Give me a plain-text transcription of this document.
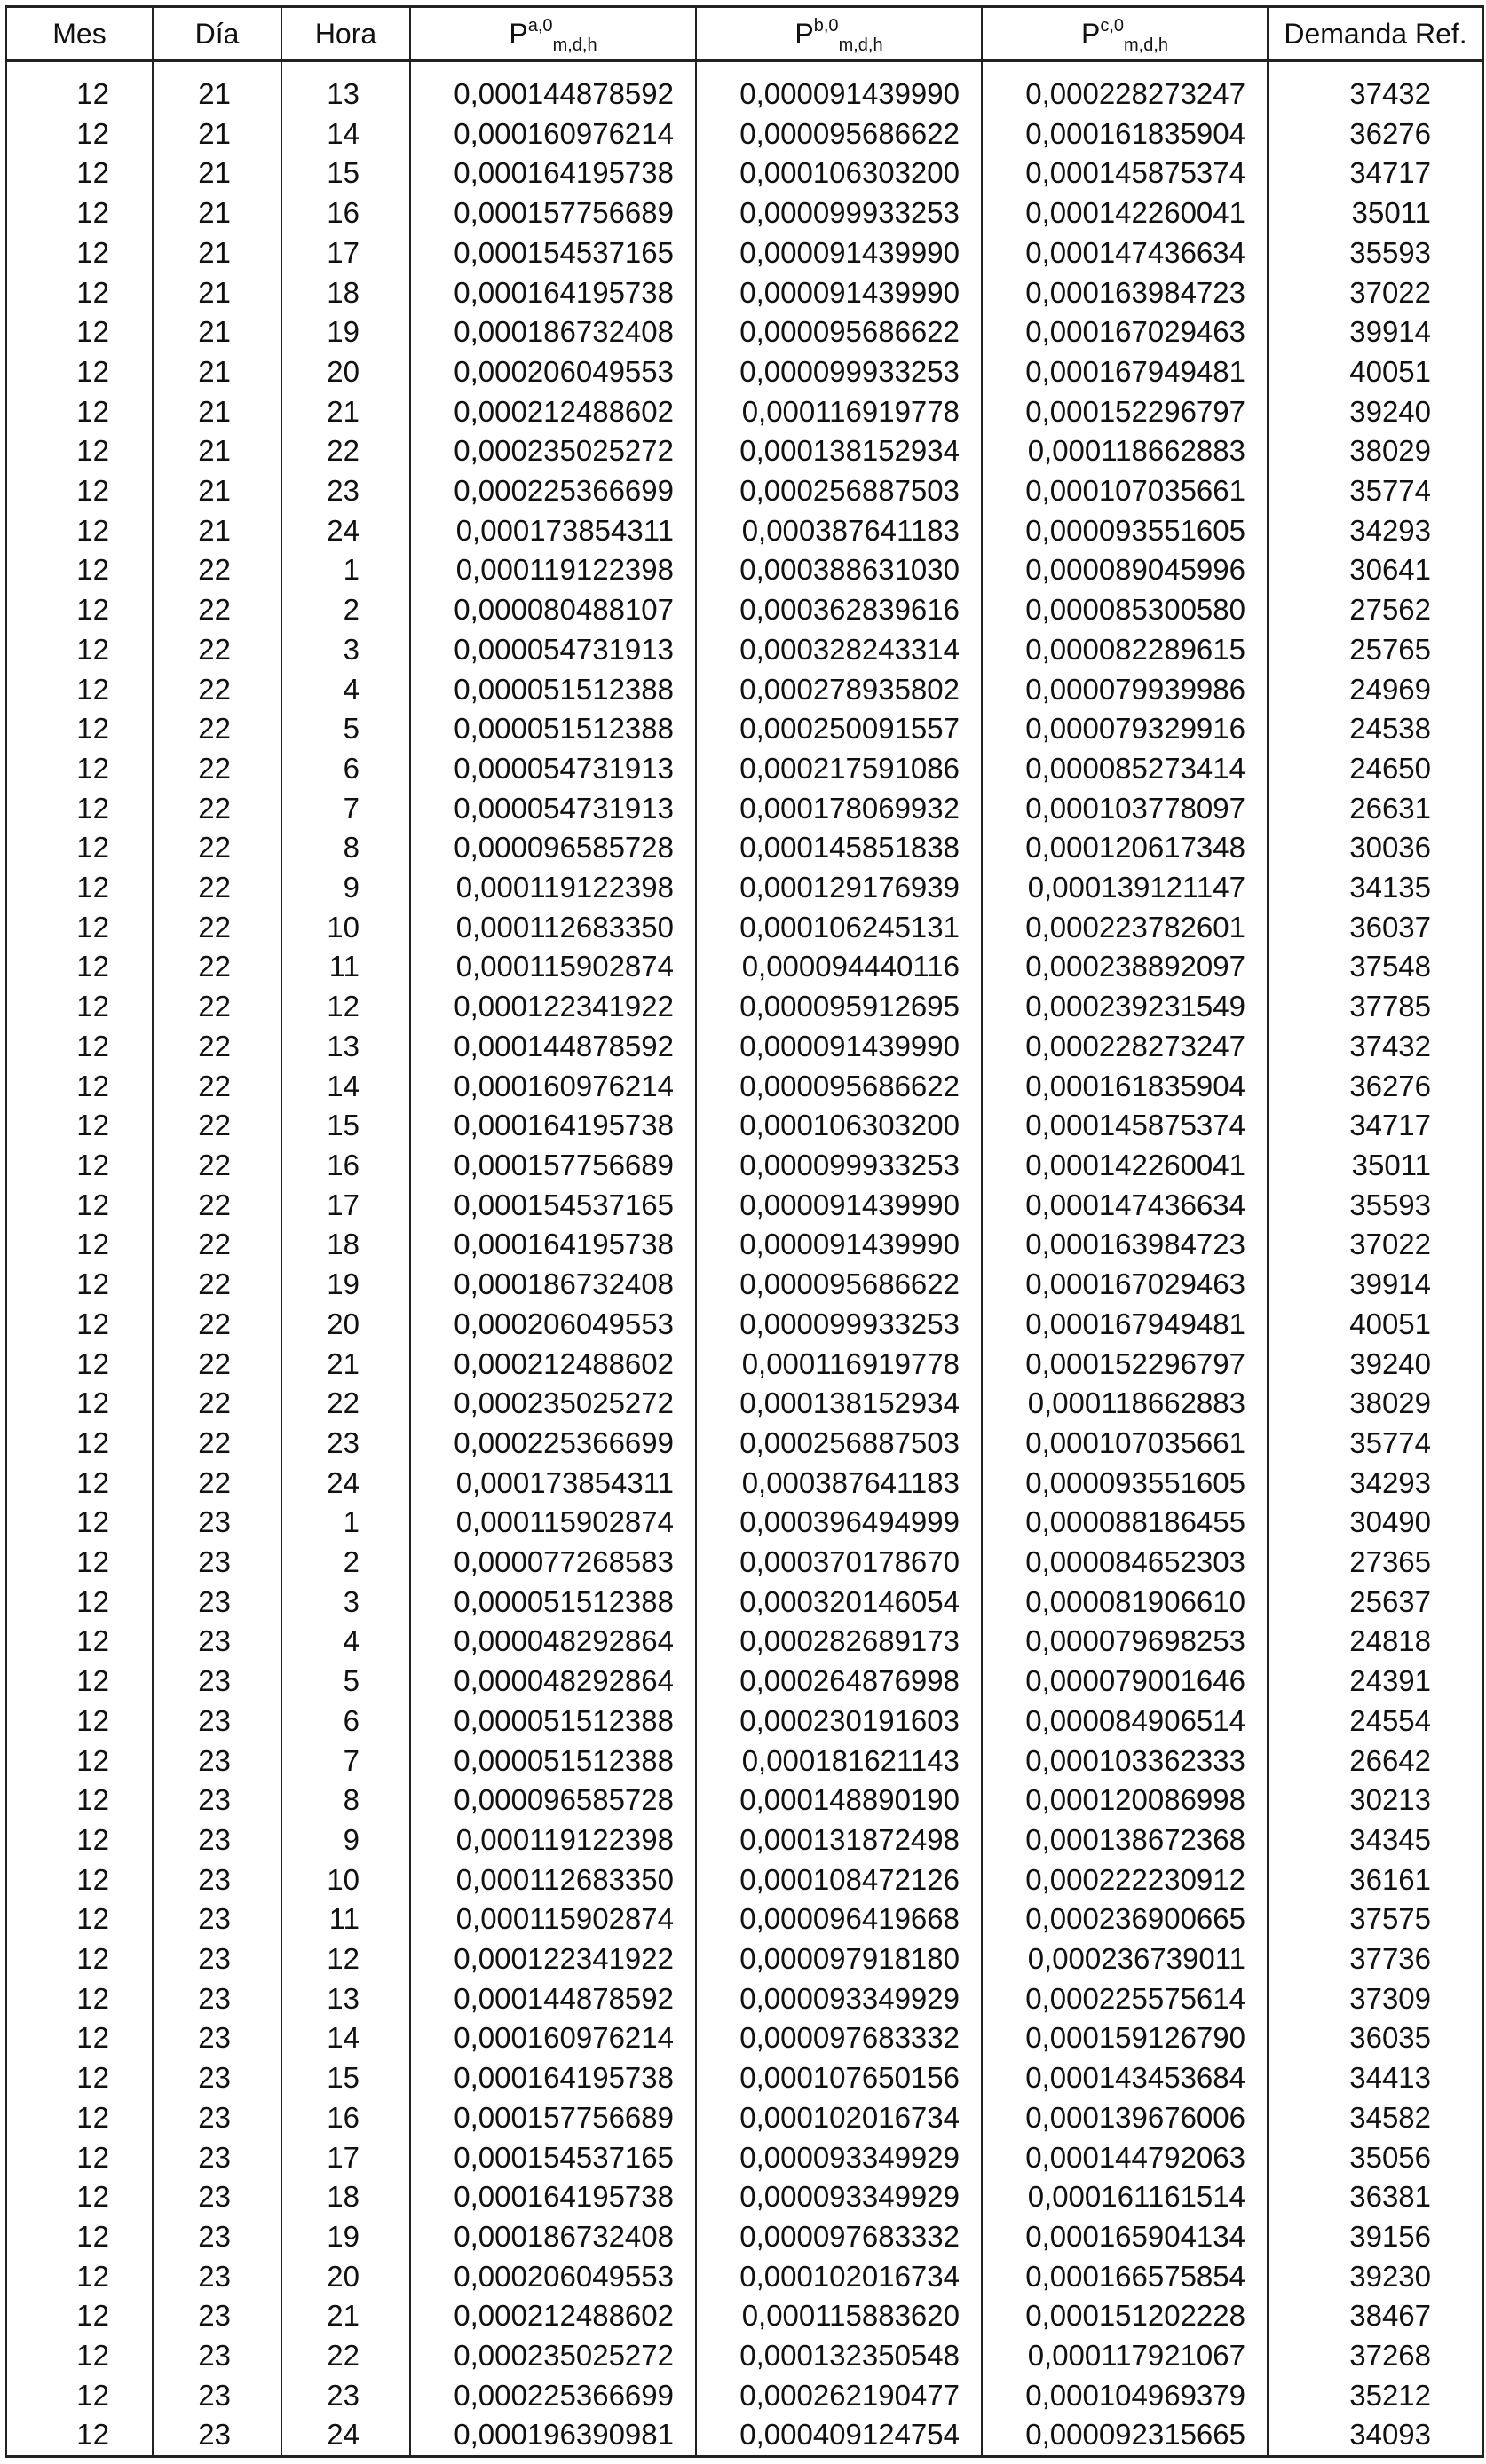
Mes	Día	Hora	P$^{a,0}_{m,d,h}$	P$^{b,0}_{m,d,h}$	P$^{c,0}_{m,d,h}$	Demanda Ref.
12	21	13	0,000144878592	0,000091439990	0,000228273247	37432
12	21	14	0,000160976214	0,000095686622	0,000161835904	36276
12	21	15	0,000164195738	0,000106303200	0,000145875374	34717
12	21	16	0,000157756689	0,000099933253	0,000142260041	35011
12	21	17	0,000154537165	0,000091439990	0,000147436634	35593
12	21	18	0,000164195738	0,000091439990	0,000163984723	37022
12	21	19	0,000186732408	0,000095686622	0,000167029463	39914
12	21	20	0,000206049553	0,000099933253	0,000167949481	40051
12	21	21	0,000212488602	0,000116919778	0,000152296797	39240
12	21	22	0,000235025272	0,000138152934	0,000118662883	38029
12	21	23	0,000225366699	0,000256887503	0,000107035661	35774
12	21	24	0,000173854311	0,000387641183	0,000093551605	34293
12	22	1	0,000119122398	0,000388631030	0,000089045996	30641
12	22	2	0,000080488107	0,000362839616	0,000085300580	27562
12	22	3	0,000054731913	0,000328243314	0,000082289615	25765
12	22	4	0,000051512388	0,000278935802	0,000079939986	24969
12	22	5	0,000051512388	0,000250091557	0,000079329916	24538
12	22	6	0,000054731913	0,000217591086	0,000085273414	24650
12	22	7	0,000054731913	0,000178069932	0,000103778097	26631
12	22	8	0,000096585728	0,000145851838	0,000120617348	30036
12	22	9	0,000119122398	0,000129176939	0,000139121147	34135
12	22	10	0,000112683350	0,000106245131	0,000223782601	36037
12	22	11	0,000115902874	0,000094440116	0,000238892097	37548
12	22	12	0,000122341922	0,000095912695	0,000239231549	37785
12	22	13	0,000144878592	0,000091439990	0,000228273247	37432
12	22	14	0,000160976214	0,000095686622	0,000161835904	36276
12	22	15	0,000164195738	0,000106303200	0,000145875374	34717
12	22	16	0,000157756689	0,000099933253	0,000142260041	35011
12	22	17	0,000154537165	0,000091439990	0,000147436634	35593
12	22	18	0,000164195738	0,000091439990	0,000163984723	37022
12	22	19	0,000186732408	0,000095686622	0,000167029463	39914
12	22	20	0,000206049553	0,000099933253	0,000167949481	40051
12	22	21	0,000212488602	0,000116919778	0,000152296797	39240
12	22	22	0,000235025272	0,000138152934	0,000118662883	38029
12	22	23	0,000225366699	0,000256887503	0,000107035661	35774
12	22	24	0,000173854311	0,000387641183	0,000093551605	34293
12	23	1	0,000115902874	0,000396494999	0,000088186455	30490
12	23	2	0,000077268583	0,000370178670	0,000084652303	27365
12	23	3	0,000051512388	0,000320146054	0,000081906610	25637
12	23	4	0,000048292864	0,000282689173	0,000079698253	24818
12	23	5	0,000048292864	0,000264876998	0,000079001646	24391
12	23	6	0,000051512388	0,000230191603	0,000084906514	24554
12	23	7	0,000051512388	0,000181621143	0,000103362333	26642
12	23	8	0,000096585728	0,000148890190	0,000120086998	30213
12	23	9	0,000119122398	0,000131872498	0,000138672368	34345
12	23	10	0,000112683350	0,000108472126	0,000222230912	36161
12	23	11	0,000115902874	0,000096419668	0,000236900665	37575
12	23	12	0,000122341922	0,000097918180	0,000236739011	37736
12	23	13	0,000144878592	0,000093349929	0,000225575614	37309
12	23	14	0,000160976214	0,000097683332	0,000159126790	36035
12	23	15	0,000164195738	0,000107650156	0,000143453684	34413
12	23	16	0,000157756689	0,000102016734	0,000139676006	34582
12	23	17	0,000154537165	0,000093349929	0,000144792063	35056
12	23	18	0,000164195738	0,000093349929	0,000161161514	36381
12	23	19	0,000186732408	0,000097683332	0,000165904134	39156
12	23	20	0,000206049553	0,000102016734	0,000166575854	39230
12	23	21	0,000212488602	0,000115883620	0,000151202228	38467
12	23	22	0,000235025272	0,000132350548	0,000117921067	37268
12	23	23	0,000225366699	0,000262190477	0,000104969379	35212
12	23	24	0,000196390981	0,000409124754	0,000092315665	34093
